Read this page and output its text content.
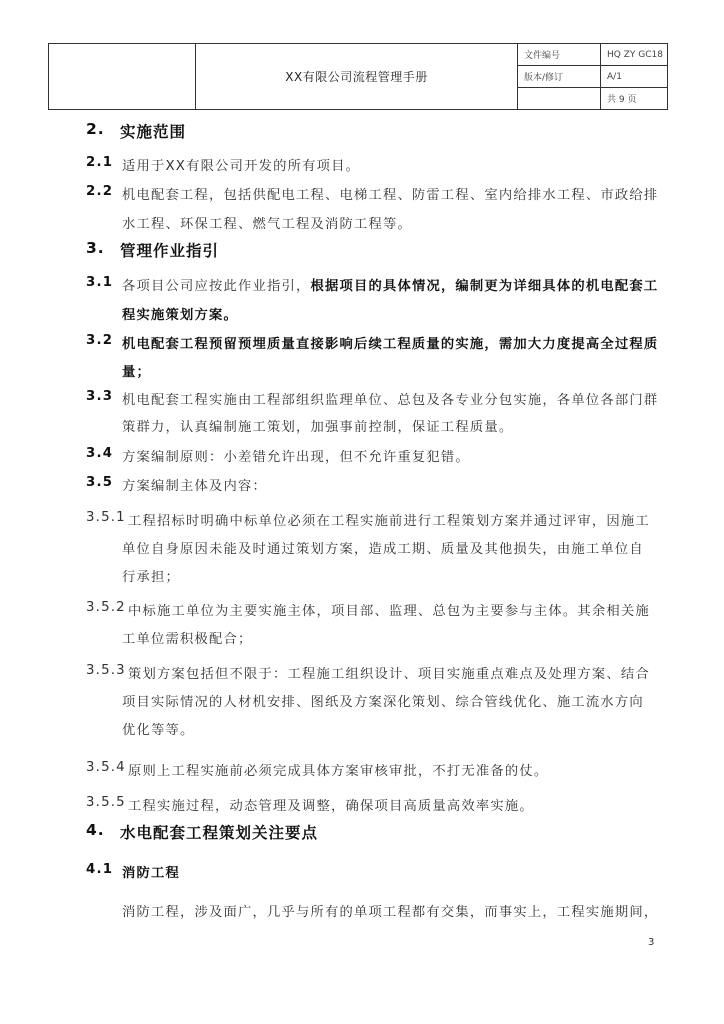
	XX有限公司流程管理手册	文件编号	HQ ZY GC18
		版本/修订	A/1
			共 9 页
2. 实施范围
2.1 适用于XX有限公司开发的所有项目。
2.2 机电配套工程，包括供配电工程、电梯工程、防雷工程、室内给排水工程、市政给排
水工程、环保工程、燃气工程及消防工程等。
3. 管理作业指引
3.1 各项目公司应按此作业指引，根据项目的具体情况，编制更为详细具体的机电配套工
程实施策划方案。
3.2 机电配套工程预留预埋质量直接影响后续工程质量的实施，需加大力度提高全过程质
量；
3.3 机电配套工程实施由工程部组织监理单位、总包及各专业分包实施，各单位各部门群
策群力，认真编制施工策划，加强事前控制，保证工程质量。
3.4 方案编制原则：小差错允许出现，但不允许重复犯错。
3.5 方案编制主体及内容：
3.5.1 工程招标时明确中标单位必须在工程实施前进行工程策划方案并通过评审，因施工
单位自身原因未能及时通过策划方案，造成工期、质量及其他损失，由施工单位自
行承担；
3.5.2 中标施工单位为主要实施主体，项目部、监理、总包为主要参与主体。其余相关施
工单位需积极配合；
3.5.3 策划方案包括但不限于：工程施工组织设计、项目实施重点难点及处理方案、结合
项目实际情况的人材机安排、图纸及方案深化策划、综合管线优化、施工流水方向
优化等等。
3.5.4 原则上工程实施前必须完成具体方案审核审批，不打无准备的仗。
3.5.5 工程实施过程，动态管理及调整，确保项目高质量高效率实施。
4. 水电配套工程策划关注要点
4.1 消防工程
消防工程，涉及面广，几乎与所有的单项工程都有交集，而事实上，工程实施期间，
3
